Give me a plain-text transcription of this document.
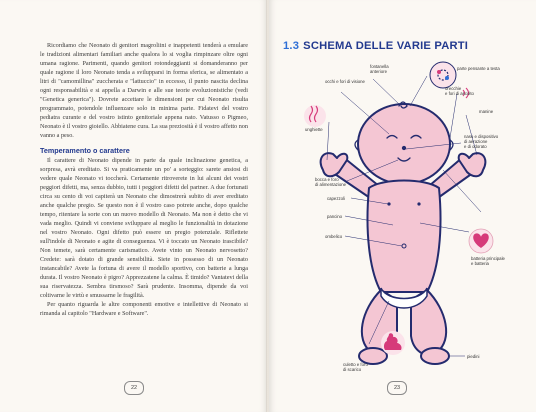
Ricordiamo che Neonato di genitori magroliini e inappetenti tenderà a emulare le tradizioni alimentari familiari anche qualora lo si voglia rimpinzare oltre ogni umana ragione. Parimenti, quando genitori rotondeggianti si domanderanno per quale ragione il loro Neonato tenda a svilupparsi in forma sferica, se alimentato a litri di "camomillina" zuccherata e "lattuccio" in eccesso, il punto nascita declina ogni responsabilità e si appella a Darwin e alle sue teorie evoluzionistiche (vedi "Genetica generica"). Dovrete accettare le dimensioni per cui Neonato risulta programmato, potendole influenzare solo in minima parte. Fidatevi del vostro pediatra curante e del vostro istinto genitoriale appena nato. Vatusso o Pigmeo, Neonato è il vostro gioiello. Abbiatene cura. La sua preziosità è il vostro affetto non vanno a peso.

Temperamento o carattere

Il carattere di Neonato dipende in parte da quale inclinazione genetica, a sorpresa, avrà ereditato. Si va praticamente un po' a sorteggio: sarete ansiosi di vedere quale Neonato vi toccherà. Certamente ritroverete in lui alcuni dei vostri peggiori difetti, ma, senza dubbio, tutti i peggiori difetti del partner. A due fortunati circa su cento di voi capiterà un Neonato che dimostrerà subito di aver ereditato anche qualche pregio. Se questo non è il vostro caso potrete anche, dopo qualche tempo, ritentare la sorte con un nuovo modello di Neonato. Ma non è detto che vi vada meglio. Quindi vi conviene sviluppare al meglio le funzionalità in dotazione nel vostro Neonato. Ogni difetto può essere un pregio potenziale. Riflettete sull'indole di Neonato e agite di conseguenza. Vi è toccato un Neonato irascibile? Non temete, sarà certamente carismatico. Avete vinto un Neonato nervosetto? Credete: sarà dotato di grande sensibilità. Siete in possesso di un Neonato instancabile? Avete la fortuna di avere il modello sportivo, con batterie a lunga durata. Il vostro Neonato è pigro? Apprezzatene la calma. È timido? Vantatevi della sua riservatezza. Sembra tirsmoso? Sarà prudente. Insomma, dipende da voi coltivarne le virtù e smussarne le fragilità.

Per quanto riguarda le altre componenti emotive e intellettive di Neonato si rimanda al capitolo "Hardware e Software".

22
1.3 SCHEMA DELLE VARIE PARTI
occhi e fori di visione
fontanella
anteriore
parte pensante a testa
orecchie
e fori di ascolto
unghiette
manine
naso e dispositivo
di aerazione
e di odorato
bocca e foro
di alimentazione
capezzoli
pancino
batteria principale
e batteria
ombelico
culetto e foro
di scarico
piedini
23
